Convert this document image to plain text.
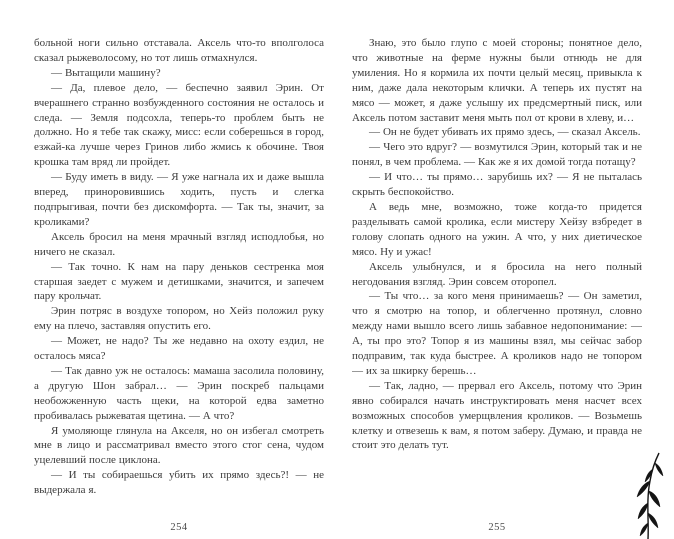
больной ноги сильно отставала. Аксель что-то вполголоса сказал рыжеволосому, но тот лишь отмахнулся.

— Вытащили машину?

— Да, плевое дело, — беспечно заявил Эрин. От вчерашнего странно возбужденного состояния не осталось и следа. — Земля подсохла, теперь-то проблем быть не должно. Но я тебе так скажу, мисс: если соберешься в город, езжай-ка лучше через Гринов либо жмись к обочине. Твоя крошка там вряд ли пройдет.

— Буду иметь в виду. — Я уже нагнала их и даже вышла вперед, приноровившись ходить, пусть и слегка подпрыгивая, почти без дискомфорта. — Так ты, значит, за кроликами?

Аксель бросил на меня мрачный взгляд исподлобья, но ничего не сказал.

— Так точно. К нам на пару деньков сестренка моя старшая заедет с мужем и детишками, значится, и запечем пару крольчат.

Эрин потряс в воздухе топором, но Хейз положил руку ему на плечо, заставляя опустить его.

— Может, не надо? Ты же недавно на охоту ездил, не осталось мяса?

— Так давно уж не осталось: мамаша засолила половину, а другую Шон забрал… — Эрин поскреб пальцами необожженную часть щеки, на которой едва заметно пробивалась рыжеватая щетина. — А что?

Я умоляюще глянула на Акселя, но он избегал смотреть мне в лицо и рассматривал вместо этого стог сена, чудом уцелевший после циклона.

— И ты собираешься убить их прямо здесь?! — не выдержала я.

Знаю, это было глупо с моей стороны; понятное дело, что животные на ферме нужны были отнюдь не для умиления. Но я кормила их почти целый месяц, привыкла к ним, даже дала некоторым клички. А теперь их пустят на мясо — может, я даже услышу их предсмертный писк, или Аксель потом заставит меня мыть пол от крови в хлеву, и…

— Он не будет убивать их прямо здесь, — сказал Аксель.

— Чего это вдруг? — возмутился Эрин, который так и не понял, в чем проблема. — Как же я их домой тогда потащу?

— И что… ты прямо… зарубишь их? — Я не пыталась скрыть беспокойство.

А ведь мне, возможно, тоже когда-то придется разделывать самой кролика, если мистеру Хейзу взбредет в голову слопать одного на ужин. А что, у них диетическое мясо. Ну и ужас!

Аксель улыбнулся, и я бросила на него полный негодования взгляд. Эрин совсем оторопел.

— Ты что… за кого меня принимаешь? — Он заметил, что я смотрю на топор, и облегченно протянул, словно между нами вышло всего лишь забавное недопонимание: — А, ты про это? Топор я из машины взял, мы сейчас забор подправим, так куда быстрее. А кроликов надо не топором — их за шкирку берешь…

— Так, ладно, — прервал его Аксель, потому что Эрин явно собирался начать инструктировать меня насчет всех возможных способов умерщвления кроликов. — Возьмешь клетку и отвезешь к вам, я потом заберу. Думаю, и правда не стоит это делать тут.

254	255
